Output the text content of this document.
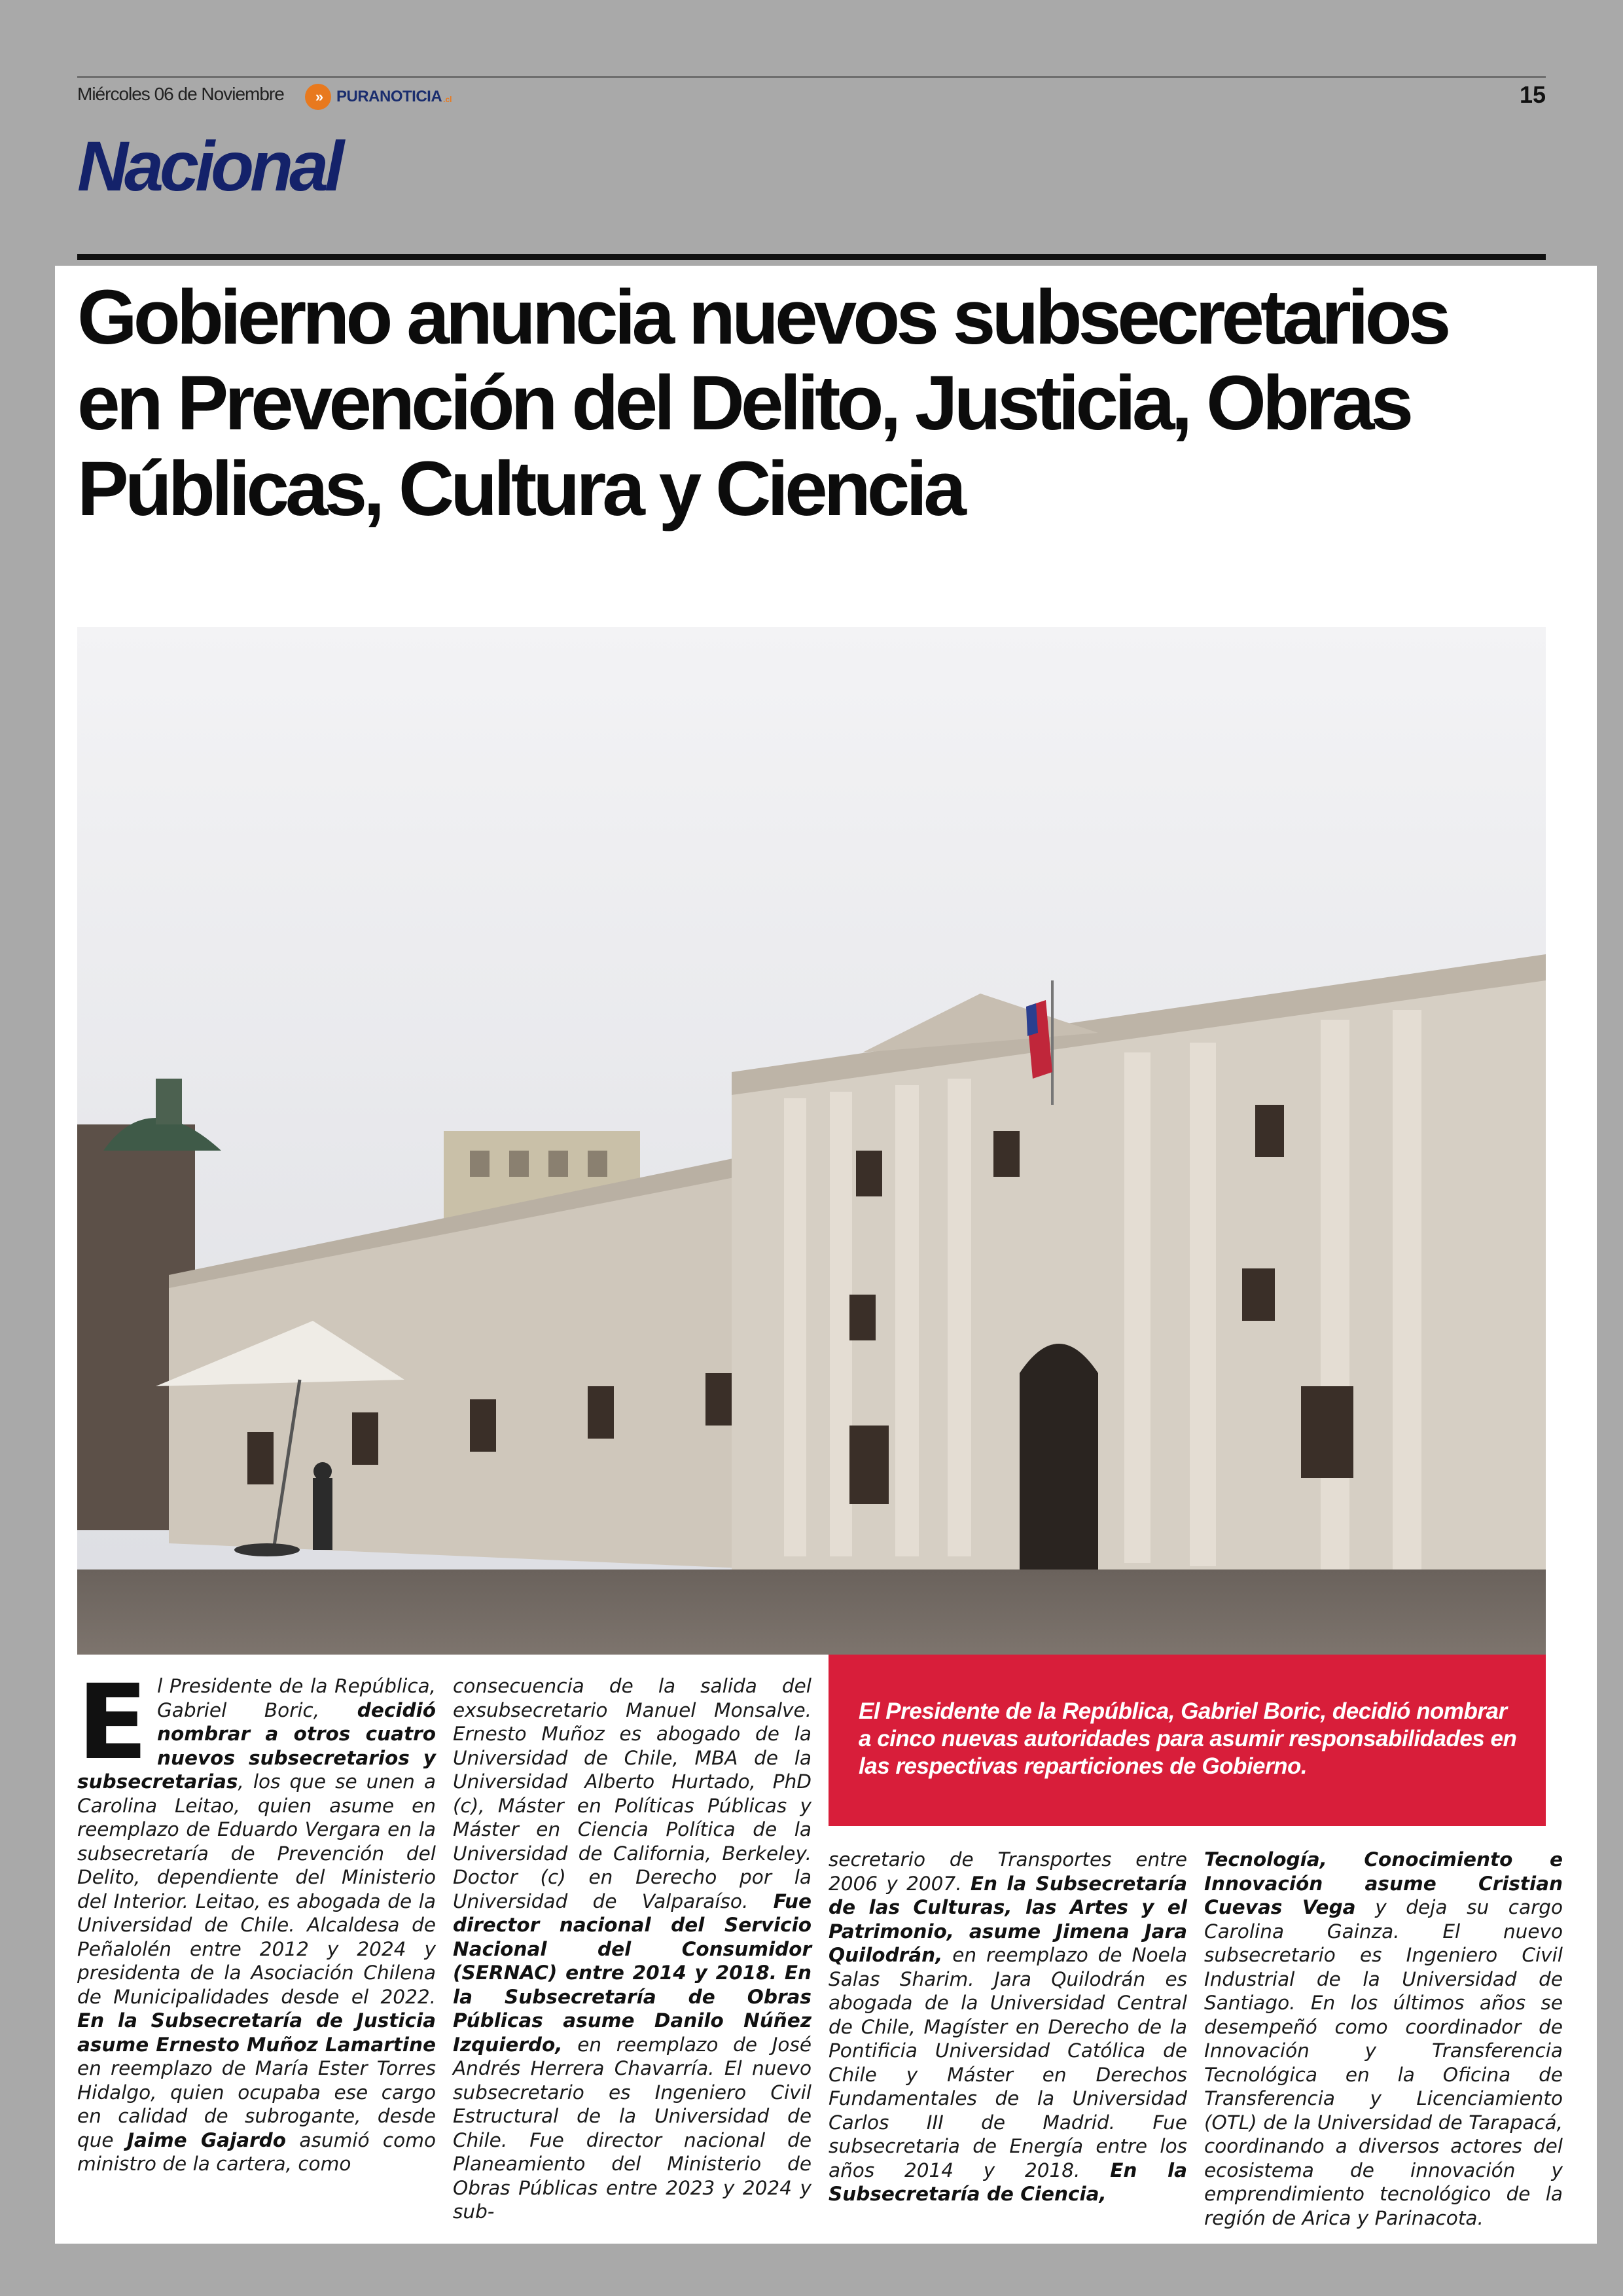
Miércoles 06 de Noviembre	» PURANOTICIA .cl	15
Nacional
Gobierno anuncia nuevos subsecretarios en Prevención del Delito, Justicia, Obras Públicas, Cultura y Ciencia
E l Presidente de la República, Gabriel Boric, decidió nombrar a otros cuatro nuevos subsecretarios y subsecretarias, los que se unen a Carolina Leitao, quien asume en reemplazo de Eduardo Vergara en la subsecretaría de Prevención del Delito, dependiente del Ministerio del Interior. Leitao, es abogada de la Universidad de Chile. Alcaldesa de Peñalolén entre 2012 y 2024 y presidenta de la Asociación Chilena de Municipalidades desde el 2022. En la Subsecretaría de Justicia asume Ernesto Muñoz Lamartine en reemplazo de María Ester Torres Hidalgo, quien ocupaba ese cargo en calidad de subrogante, desde que Jaime Gajardo asumió como ministro de la cartera, como

consecuencia de la salida del exsubsecretario Manuel Monsalve. Ernesto Muñoz es abogado de la Universidad de Chile, MBA de la Universidad Alberto Hurtado, PhD (c), Máster en Políticas Públicas y Máster en Ciencia Política de la Universidad de California, Berkeley. Doctor (c) en Derecho por la Universidad de Valparaíso. Fue director nacional del Servicio Nacional del Consumidor (SERNAC) entre 2014 y 2018. En la Subsecretaría de Obras Públicas asume Danilo Núñez Izquierdo, en reemplazo de José Andrés Herrera Chavarría. El nuevo subsecretario es Ingeniero Civil Estructural de la Universidad de Chile. Fue director nacional de Planeamiento del Ministerio de Obras Públicas entre 2023 y 2024 y sub-

El Presidente de la República, Gabriel Boric, decidió nombrar a cinco nuevas autoridades para asumir responsabilidades en las respectivas reparticiones de Gobierno.

secretario de Transportes entre 2006 y 2007. En la Subsecretaría de las Culturas, las Artes y el Patrimonio, asume Jimena Jara Quilodrán, en reemplazo de Noela Salas Sharim. Jara Quilodrán es abogada de la Universidad Central de Chile, Magíster en Derecho de la Pontificia Universidad Católica de Chile y Máster en Derechos Fundamentales de la Universidad Carlos III de Madrid. Fue subsecretaria de Energía entre los años 2014 y 2018. En la Subsecretaría de Ciencia,

Tecnología, Conocimiento e Innovación asume Cristian Cuevas Vega y deja su cargo Carolina Gainza. El nuevo subsecretario es Ingeniero Civil Industrial de la Universidad de Santiago. En los últimos años se desempeñó como coordinador de Innovación y Transferencia Tecnológica en la Oficina de Transferencia y Licenciamiento (OTL) de la Universidad de Tarapacá, coordinando a diversos actores del ecosistema de innovación y emprendimiento tecnológico de la región de Arica y Parinacota.
